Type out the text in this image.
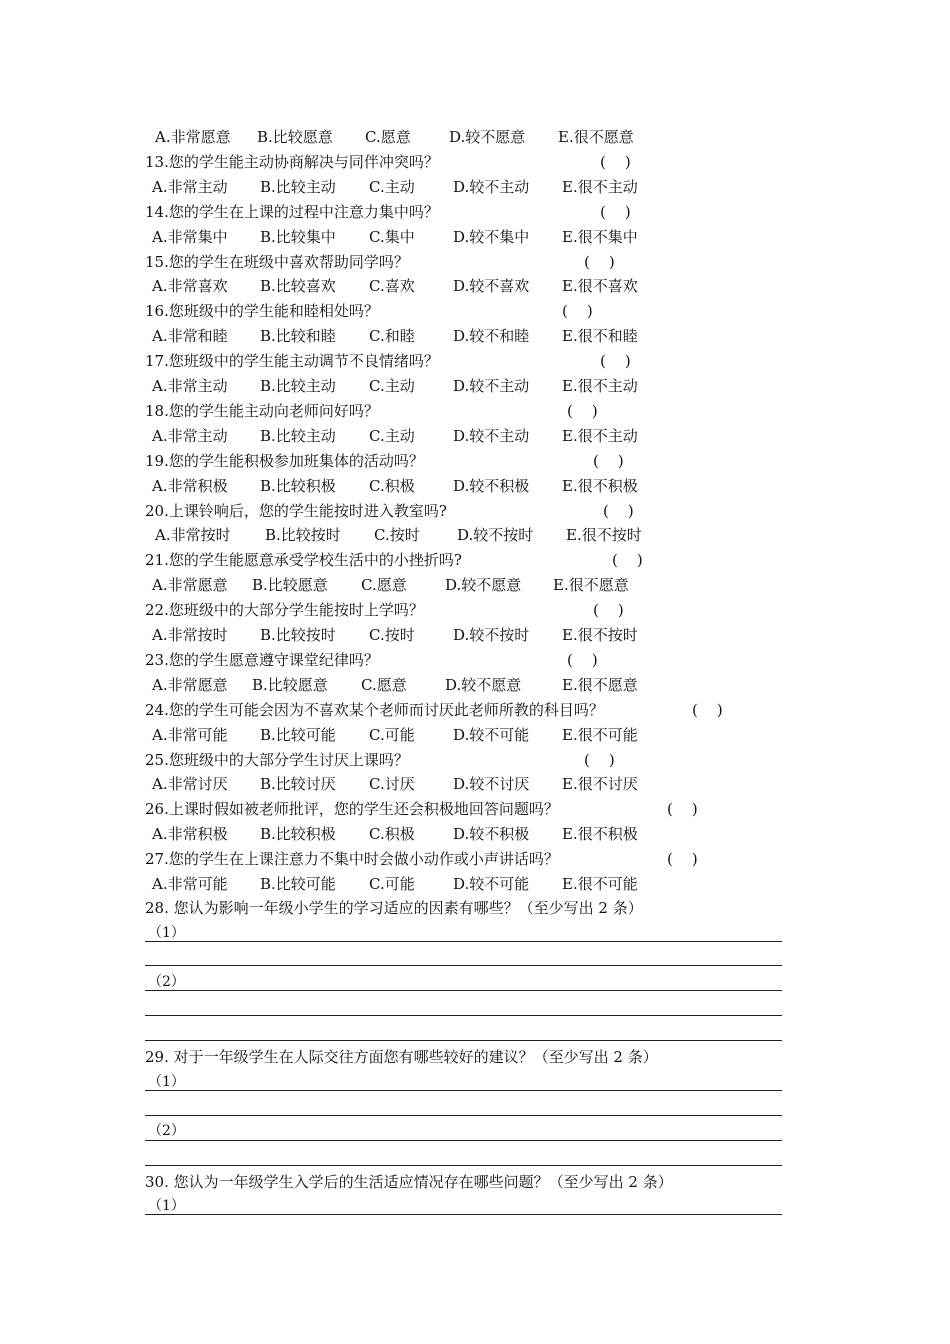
A.非常愿意 B.比较愿意 C.愿意	D.较不愿意 E.很不愿意
13.您的学生能主动协商解决与同伴冲突吗？	(    )
A.非常主动 B.比较主动 C.主动	D.较不主动 E.很不主动
14.您的学生在上课的过程中注意力集中吗？	(    )
A.非常集中 B.比较集中 C.集中	D.较不集中 E.很不集中
15.您的学生在班级中喜欢帮助同学吗？	(    )
A.非常喜欢 B.比较喜欢 C.喜欢	D.较不喜欢 E.很不喜欢
16.您班级中的学生能和睦相处吗？	(    )
A.非常和睦 B.比较和睦 C.和睦	D.较不和睦 E.很不和睦
17.您班级中的学生能主动调节不良情绪吗？	(    )
A.非常主动 B.比较主动 C.主动	D.较不主动 E.很不主动
18.您的学生能主动向老师问好吗？	(    )
A.非常主动 B.比较主动 C.主动	D.较不主动 E.很不主动
19.您的学生能积极参加班集体的活动吗？	(    )
A.非常积极 B.比较积极 C.积极	D.较不积极 E.很不积极
20.上课铃响后，您的学生能按时进入教室吗?	(    )
A.非常按时 B.比较按时 C.按时 D.较不按时 E.很不按时
21.您的学生能愿意承受学校生活中的小挫折吗?	(    )
A.非常愿意 B.比较愿意 C.愿意	D.较不愿意 E.很不愿意
22.您班级中的大部分学生能按时上学吗？	(    )
A.非常按时 B.比较按时 C.按时	D.较不按时 E.很不按时
23.您的学生愿意遵守课堂纪律吗？	(    )
A.非常愿意 B.比较愿意 C.愿意	D.较不愿意	E.很不愿意
24.您的学生可能会因为不喜欢某个老师而讨厌此老师所教的科目吗？	(    )
A.非常可能 B.比较可能 C.可能	D.较不可能 E.很不可能
25.您班级中的大部分学生讨厌上课吗？	(    )
A.非常讨厌 B.比较讨厌 C.讨厌	D.较不讨厌 E.很不讨厌
26.上课时假如被老师批评，您的学生还会积极地回答问题吗？	(    )
A.非常积极 B.比较积极 C.积极	D.较不积极 E.很不积极
27.您的学生在上课注意力不集中时会做小动作或小声讲话吗？	(    )
A.非常可能 B.比较可能 C.可能	D.较不可能 E.很不可能
28. 您认为影响一年级小学生的学习适应的因素有哪些？（至少写出 2 条）
（1）
（2）
29. 对于一年级学生在人际交往方面您有哪些较好的建议？（至少写出 2 条）
（1）
（2）
30. 您认为一年级学生入学后的生活适应情况存在哪些问题？（至少写出 2 条）
（1）
